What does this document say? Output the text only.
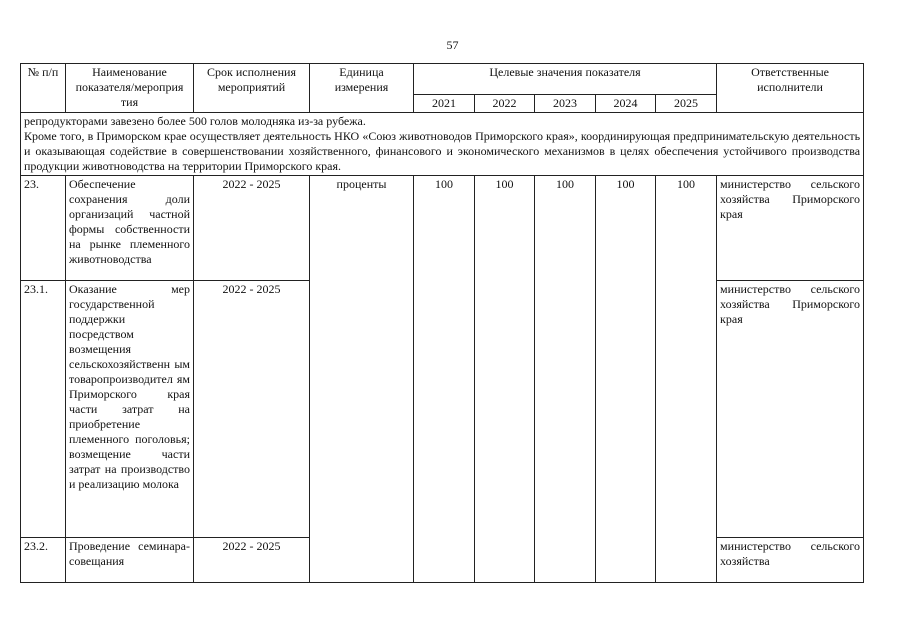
57
№ п/п	Наименование показателя/мероприя тия	Срок исполнения мероприятий	Единица измерения	Целевые значения показателя					Ответственные исполнители
				2021	2022	2023	2024	2025	

репродукторами завезено более 500 голов молодняка из-за рубежа.

Кроме того, в Приморском крае осуществляет деятельность НКО «Союз животноводов Приморского края», координирующая предпринимательскую деятельность и оказывающая содействие в совершенствовании хозяйственного, финансового и экономического механизмов в целях обеспечения устойчивого производства продукции животноводства на территории Приморского края.									

23.	Обеспечение сохранения доли организаций частной формы собственности на рынке племенного животноводства	2022 - 2025	проценты	100	100	100	100	100	министерство сельского хозяйства Приморского края
23.1.	Оказание мер государственной поддержки посредством возмещения сельскохозяйственн ым товаропроизводител ям Приморского края части затрат на приобретение племенного поголовья; возмещение части затрат на производство и реализацию молока	2022 - 2025							министерство сельского хозяйства Приморского края
23.2.	Проведение семинара-совещания	2022 - 2025							министерство сельского хозяйства
